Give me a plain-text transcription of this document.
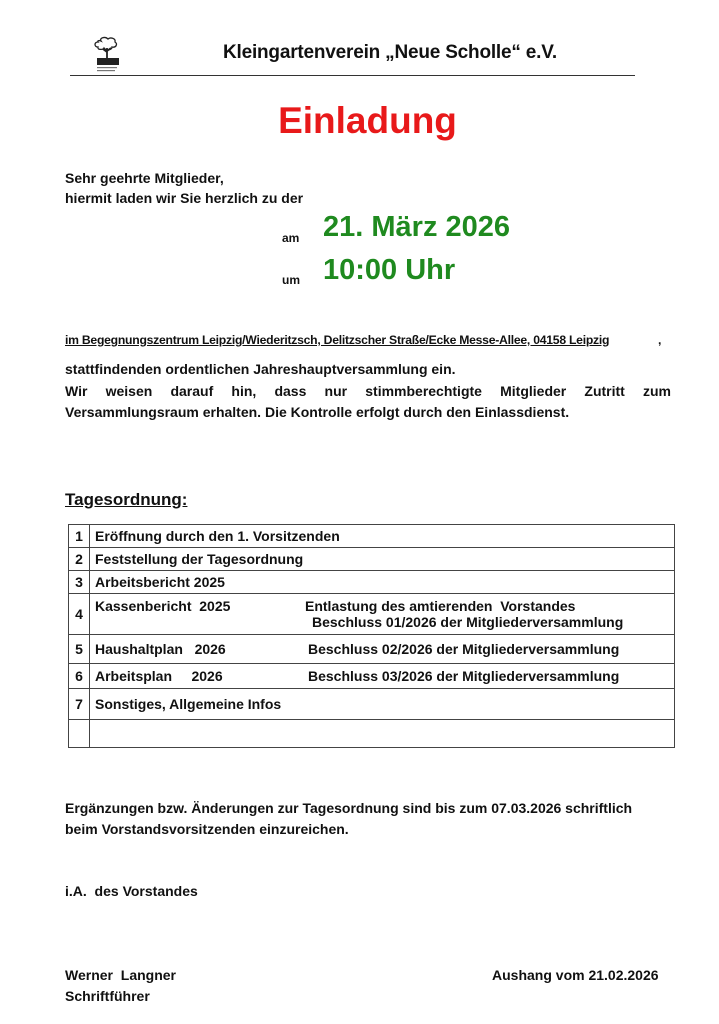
Kleingartenverein „Neue Scholle“ e.V.
Einladung
Sehr geehrte Mitglieder,
hiermit laden wir Sie herzlich zu der
am 21. März 2026
um 10:00 Uhr
im Begegnungszentrum Leipzig/Wiederitzsch, Delitzscher Straße/Ecke Messe-Allee, 04158 Leipzig	,
stattfindenden ordentlichen Jahreshauptversammlung ein.
Wir weisen darauf hin, dass nur stimmberechtigte Mitglieder Zutritt zum
Versammlungsraum erhalten. Die Kontrolle erfolgt durch den Einlassdienst.
Tagesordnung:
1	Eröffnung durch den 1. Vorsitzenden
2	Feststellung der Tagesordnung
3	Arbeitsbericht 2025
4	Kassenbericht  2025 Entlastung des amtierenden  Vorstandes
Beschluss 01/2026 der Mitgliederversammlung

5	Haushaltplan   2026 Beschluss 02/2026 der Mitgliederversammlung
6	Arbeitsplan     2026 Beschluss 03/2026 der Mitgliederversammlung
7	Sonstiges, Allgemeine Infos

Ergänzungen bzw. Änderungen zur Tagesordnung sind bis zum 07.03.2026 schriftlich
beim Vorstandsvorsitzenden einzureichen.
i.A.  des Vorstandes
Werner  Langner
Schriftführer
Aushang vom 21.02.2026
